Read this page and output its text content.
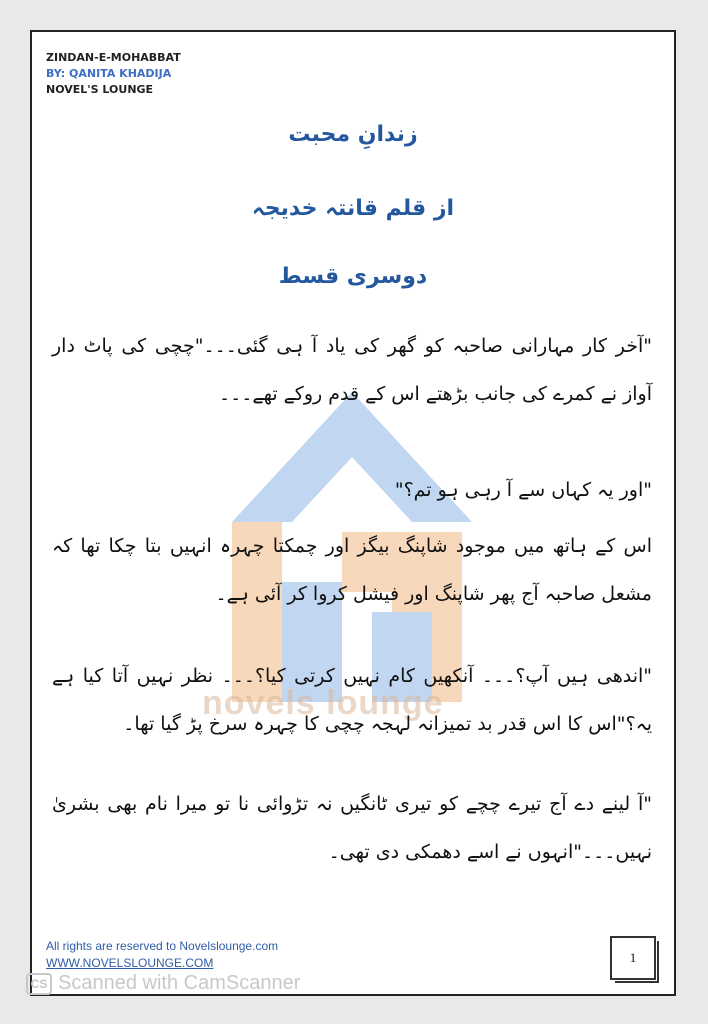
novels lounge
ZINDAN-E-MOHABBAT
BY: QANITA KHADIJA
NOVEL'S LOUNGE
زندانِ محبت
از قلم قانتہ خدیجہ
دوسری قسط
"آخر کار مہارانی صاحبہ کو گھر کی یاد آ ہی گئی۔۔۔"چچی کی پاٹ دار آواز نے کمرے کی جانب بڑھتے اس کے قدم روکے تھے۔۔۔
"اور یہ کہاں سے آ رہی ہو تم؟"
اس کے ہاتھ میں موجود شاپنگ بیگز اور چمکتا چہرہ انہیں بتا چکا تھا کہ مشعل صاحبہ آج پھر شاپنگ اور فیشل کروا کر آئی ہے۔
"اندھی ہیں آپ؟۔۔۔ آنکھیں کام نہیں کرتی کیا؟۔۔۔ نظر نہیں آتا کیا ہے یہ؟"اس کا اس قدر بد تمیزانہ لہجہ چچی کا چہرہ سرخ پڑ گیا تھا۔
"آ لینے دے آج تیرے چچے کو تیری ٹانگیں نہ تڑوائی نا تو میرا نام بھی بشریٰ نہیں۔۔۔"انہوں نے اسے دھمکی دی تھی۔
All rights are reserved to Novelslounge.com
WWW.NOVELSLOUNGE.COM	1
CS Scanned with CamScanner
